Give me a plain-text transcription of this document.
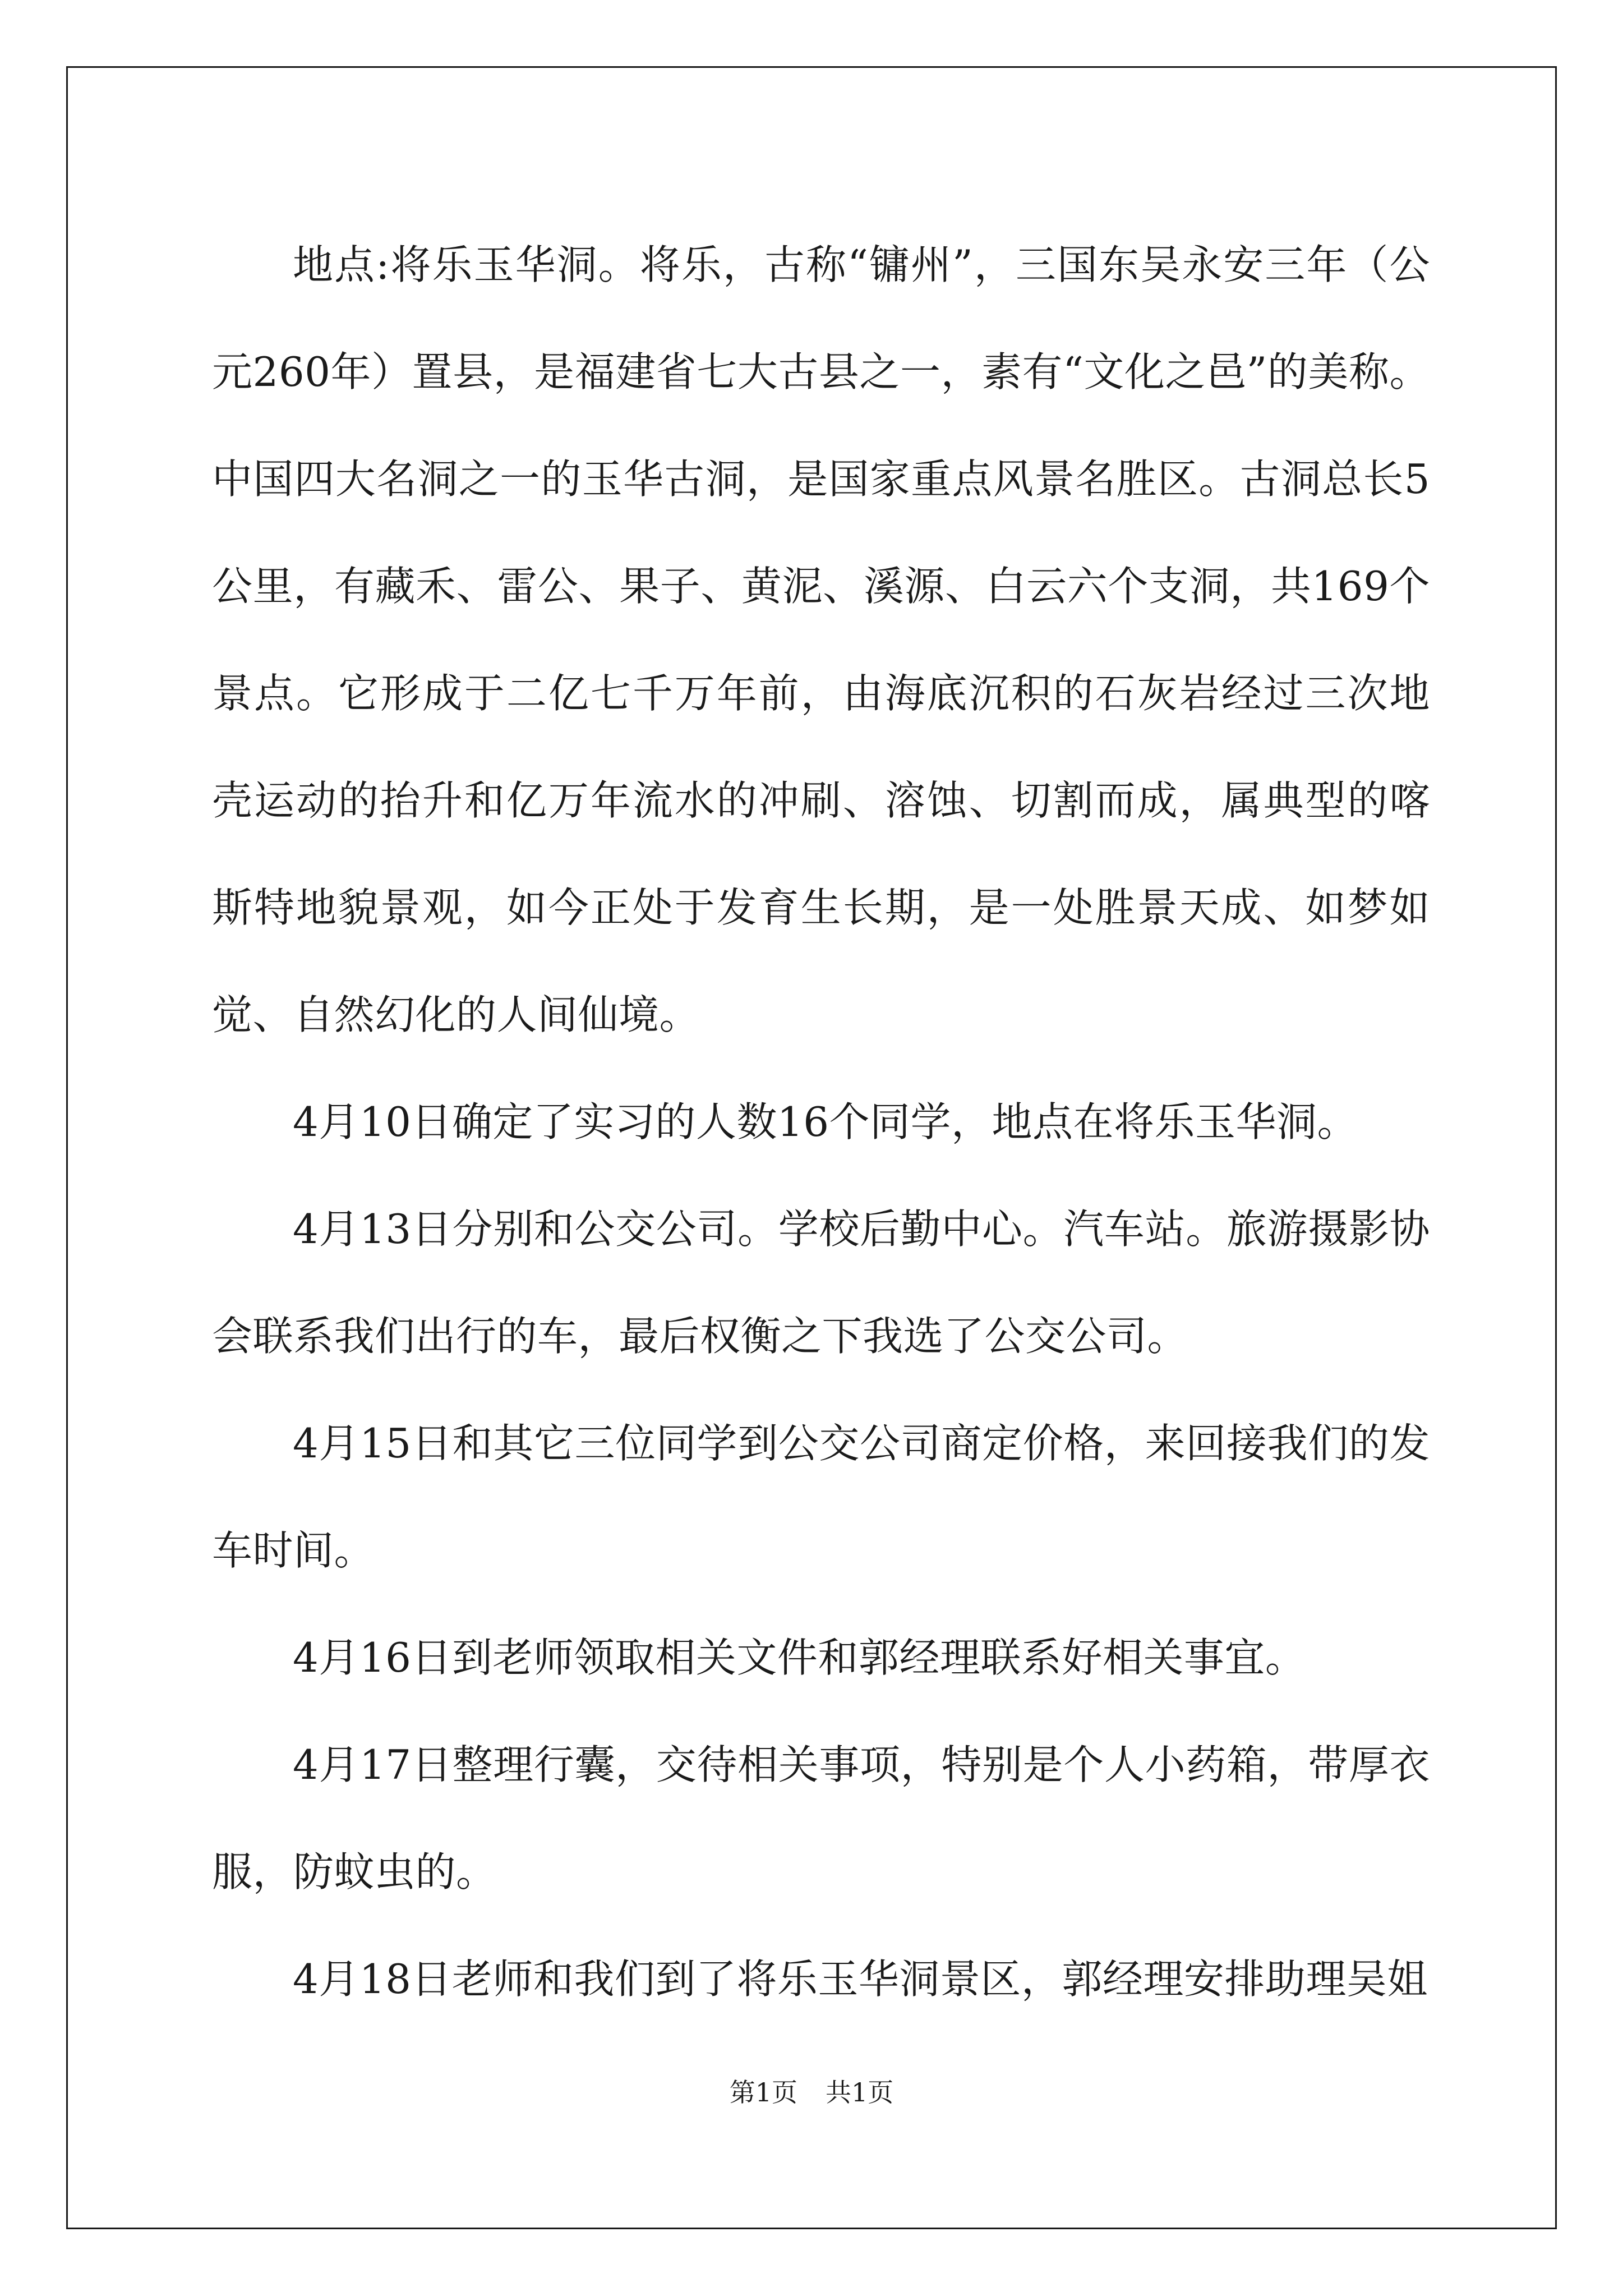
地点:将乐玉华洞。将乐，古称“镛州”，三国东吴永安三年（公元260年）置县，是福建省七大古县之一，素有“文化之邑”的美称。中国四大名洞之一的玉华古洞，是国家重点风景名胜区。古洞总长5公里，有藏禾、雷公、果子、黄泥、溪源、白云六个支洞，共169个景点。它形成于二亿七千万年前，由海底沉积的石灰岩经过三次地壳运动的抬升和亿万年流水的冲刷、溶蚀、切割而成，属典型的喀斯特地貌景观，如今正处于发育生长期，是一处胜景天成、如梦如觉、自然幻化的人间仙境。

4月10日确定了实习的人数16个同学，地点在将乐玉华洞。

4月13日分别和公交公司。学校后勤中心。汽车站。旅游摄影协会联系我们出行的车，最后权衡之下我选了公交公司。

4月15日和其它三位同学到公交公司商定价格，来回接我们的发车时间。

4月16日到老师领取相关文件和郭经理联系好相关事宜。

4月17日整理行囊，交待相关事项，特别是个人小药箱，带厚衣服，防蚊虫的。

4月18日老师和我们到了将乐玉华洞景区，郭经理安排助理吴姐

第1页 共1页
